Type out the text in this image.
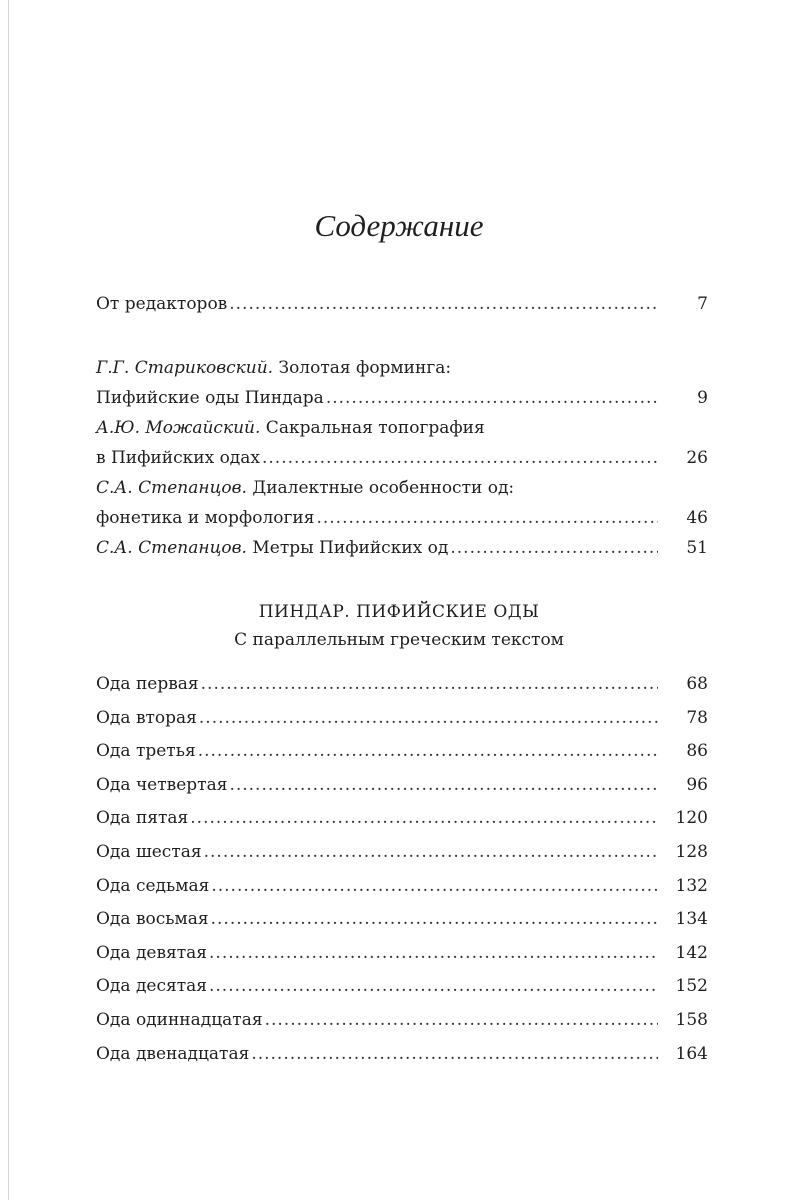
Содержание
От редакторов .....	7
Г.Г. Стариковский. Золотая форминга:
Пифийские оды Пиндара .....	9
А.Ю. Можайский. Сакральная топография
в Пифийских одах .....	26
С.А. Степанцов. Диалектные особенности од:
фонетика и морфология .....	46
С.А. Степанцов. Метры Пифийских од .....	51
ПИНДАР. ПИФИЙСКИЕ ОДЫ
С параллельным греческим текстом
Ода первая .....	68
Ода вторая .....	78
Ода третья .....	86
Ода четвертая .....	96
Ода пятая .....	120
Ода шестая .....	128
Ода седьмая .....	132
Ода восьмая .....	134
Ода девятая .....	142
Ода десятая .....	152
Ода одиннадцатая .....	158
Ода двенадцатая .....	164
